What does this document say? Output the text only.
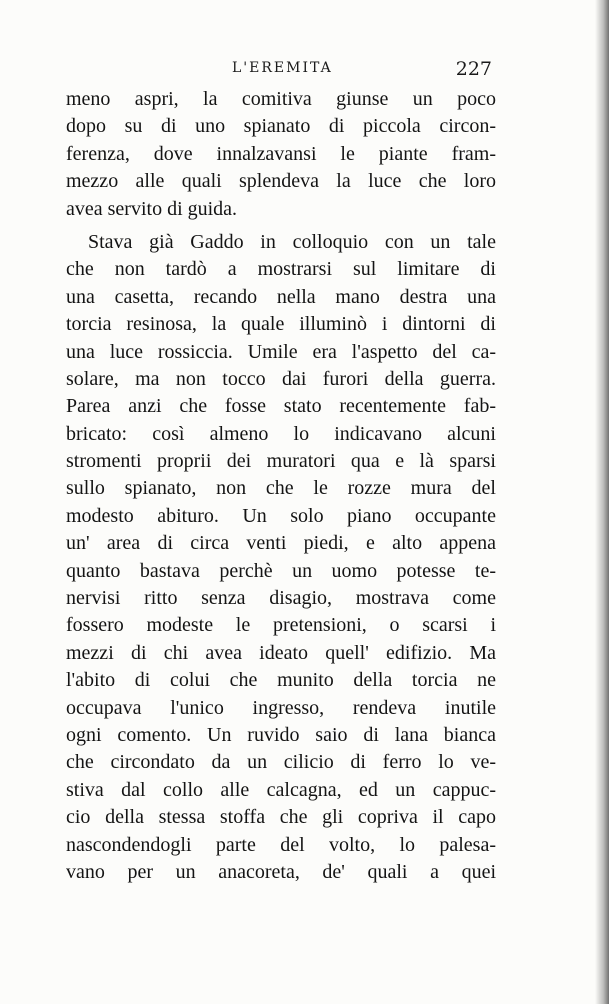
L'EREMITA	227
meno aspri, la comitiva giunse un poco
dopo su di uno spianato di piccola circon-
ferenza, dove innalzavansi le piante fram-
mezzo alle quali splendeva la luce che loro
avea servito di guida.
Stava già Gaddo in colloquio con un tale
che non tardò a mostrarsi sul limitare di
una casetta, recando nella mano destra una
torcia resinosa, la quale illuminò i dintorni di
una luce rossiccia. Umile era l'aspetto del ca-
solare, ma non tocco dai furori della guerra.
Parea anzi che fosse stato recentemente fab-
bricato: così almeno lo indicavano alcuni
stromenti proprii dei muratori qua e là sparsi
sullo spianato, non che le rozze mura del
modesto abituro. Un solo piano occupante
un' area di circa venti piedi, e alto appena
quanto bastava perchè un uomo potesse te-
nervisi ritto senza disagio, mostrava come
fossero modeste le pretensioni, o scarsi i
mezzi di chi avea ideato quell' edifizio. Ma
l'abito di colui che munito della torcia ne
occupava l'unico ingresso, rendeva inutile
ogni comento. Un ruvido saio di lana bianca
che circondato da un cilicio di ferro lo ve-
stiva dal collo alle calcagna, ed un cappuc-
cio della stessa stoffa che gli copriva il capo
nascondendogli parte del volto, lo palesa-
vano per un anacoreta, de' quali a quei
